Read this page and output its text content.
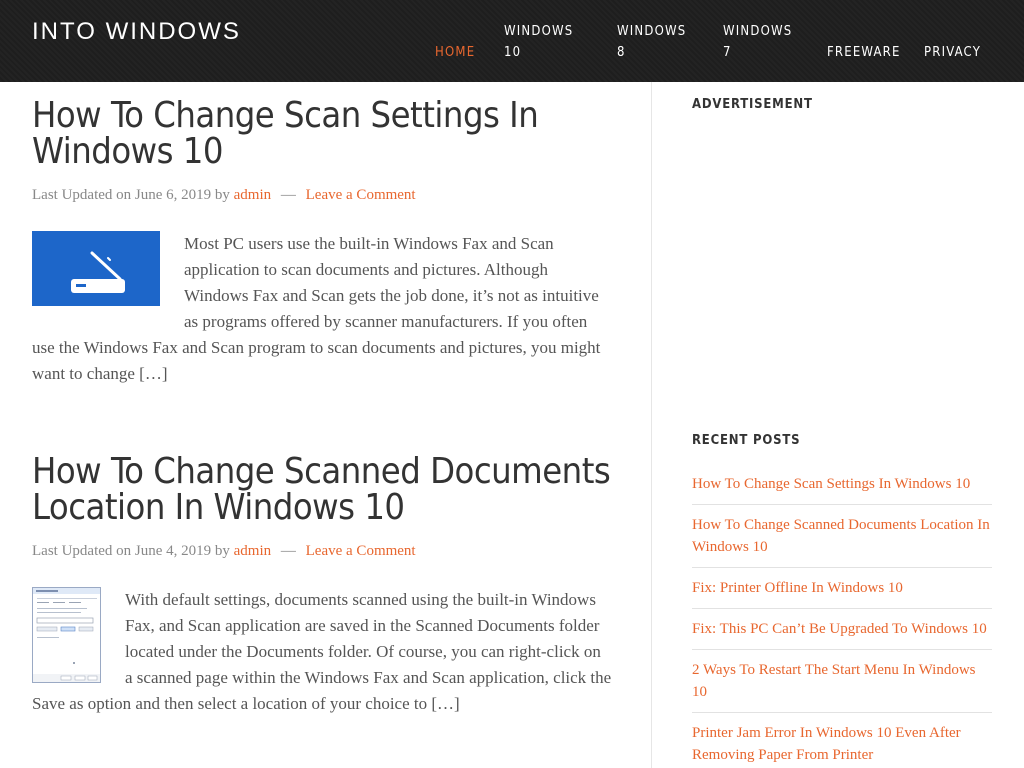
INTO WINDOWS
HOME
WINDOWS
10
WINDOWS
8
WINDOWS
7	FREEWARE PRIVACY
How To Change Scan Settings In Windows 10
Last Updated on June 6, 2019 by admin — Leave a Comment

Most PC users use the built-in Windows Fax and Scan application to scan documents and pictures. Although Windows Fax and Scan gets the job done, it’s not as intuitive as programs offered by scanner manufacturers. If you often use the Windows Fax and Scan program to scan documents and pictures, you might want to change […]

How To Change Scanned Documents Location In Windows 10
Last Updated on June 4, 2019 by admin — Leave a Comment

With default settings, documents scanned using the built-in Windows Fax, and Scan application are saved in the Scanned Documents folder located under the Documents folder. Of course, you can right-click on a scanned page within the Windows Fax and Scan application, click the Save as option and then select a location of your choice to […]

ADVERTISEMENT
RECENT POSTS
How To Change Scan Settings In Windows 10
How To Change Scanned Documents Location In Windows 10
Fix: Printer Offline In Windows 10
Fix: This PC Can’t Be Upgraded To Windows 10
2 Ways To Restart The Start Menu In Windows 10
Printer Jam Error In Windows 10 Even After Removing Paper From Printer
